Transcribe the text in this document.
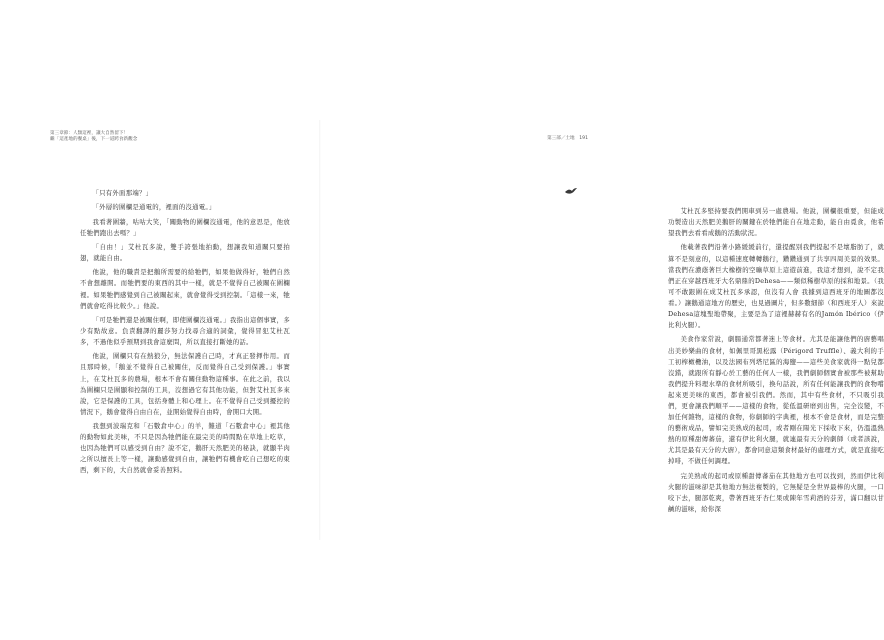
第三章節：人類這裡，讓大自然留下！
繼「這產地的餐桌」後，下一道跨食新觀念

「只有外面那端？」

「外層的圍欄是通電的，裡面的沒通電。」

我看著圍牆，咕咕大笑，「關動物的圍欄沒通電，他的意思是，他放任牠們跑出去嗎？」

「自由！」艾杜瓦多說，雙手誇張地拍動，想讓我知道關只要拍翅，就能自由。

他說，他的職責是把鵝所需要的給牠們，如果他做得好，牠們自然不會想離開。而牠們要的東西的其中一樣，就是不覺得自己被關在圍欄裡。如果牠們感覺到自己被關起來，就會覺得受到控制。「這樣一來，牠們就會吃得比較少。」他說。

「可是牠們還是被關住啊，即使圍欄沒通電。」我指出這個事實，多少有點故意。負責翻譯的麗莎努力找尋合適的詞彙，覺得冒犯艾杜瓦多，不過他似乎預期到我會這麼問，所以直接打斷她的話。

他說，圍欄只有在熱狼分，無法保護自己時，才真正發揮作用。而且那時候，「鵝並不覺得自己被關住，反而覺得自己受到保護。」事實上，在艾杜瓦多的農場，根本不會有關住動物這種事。在此之前，我以為圍欄只是圍顯和控制的工具，沒想過它有其他功能，但對艾杜瓦多來說，它是保護的工具，包括身體上和心理上。在不覺得自己受到擾控的情況下，鵝會覺得自由自在，並開始覺得自由時，會開口大開。

我想到波瑞克和「石數倉中心」的羊，難道「石數倉中心」裡其他的動物如此美味，不只是因為牠們能在最完美的時間點在草地上吃草，也因為牠們可以感受到自由？說不定，鵝肝天然肥美的秘訣，就顯半肉之所以擅長上等一樣，讓動感覺到自由，讓牠們有機會吃自己想吃的東西，剩下的，大自然就會妥善照料。

第三部／土地　191

艾杜瓦多堅持要我們開車到另一處農場。他說，圍欄很重要，但能成功製造出天然肥美鵝肝的關鍵在於牠們能自在地走動，能自由覓食，他希望我們去看看成鵝的活動狀況。

他載著我們沿著小路緩緩前行，還提醒別我們提起不是壞脂肪了，就算不是刻意的，以這種速度轉轉鵝行，鑽鑽通到了共享四周美景的效果。當我們在濃蔭著巨大橡樹的空曠草原上這遊前進，我這才想到，說不定我們正在穿越西班牙大名鼎鼎的Dehesa——類似稀樹草原的採和地景。（我可不敢跟圍在成艾杜瓦多承認，但沒有人會 我據到這西班牙的地圖都沒看。）讓鵝通這地方的歷史，也見過圖片，但多數細節（和西班牙人）來說Dehesa這塊聖地帶聚，主要是為了這裡赫赫有名的Jamón Ibérico（伊比利火腿）。

美食作家常說，劇腸通常都著迷上等食材。尤其是能讓他們的廚藝唱出美妙樂曲的食材，如佩里哥黑松露（Périgord Truffle）、義大利的手工初榨橄欖油，以及法國布列塔尼區的海鹽——這些美食家就得一點兒都沒錯，就跟所有靜心於工藝的任何人一樣，我們劇師個實會被那些被幫助我們提升料理水準的食材所吸引，換句話說，所有任何能讓我們的食物嚐起來更美味的東西，都會被引我們。然而，其中有些食材，不只吸引我們，更會讓我們順平——這樣的食物，從低溫研磨到出售，完全沒變，不加任何雜物，這樣的食物，你劇師的字典裡，根本不會是食材，而是完整的藝術成品，譬如完美熟成的起司，或者剛在陽光下採收下來，仍溫溫熱熱的原種甜傳蕃茄，還有伊比利火腿，就連最有天分的劇師（或者該說，尤其是最有天分的大廚），都會同意這類食材最好的處理方式，就是直接吃掉啡，不做任何調理。

完美熟成的起司或原種甜傳蕃茄在其他地方也可以找到，然而伊比利火腿的滋味卻是其他地方無法複製的，它無疑是全世界最棒的火腿，一口咬下去，腿部乾爽，帶著西班牙杏仁果或陳年雪莉酒的芬芳，滿口翻以甘鹹的滋味，給你深
